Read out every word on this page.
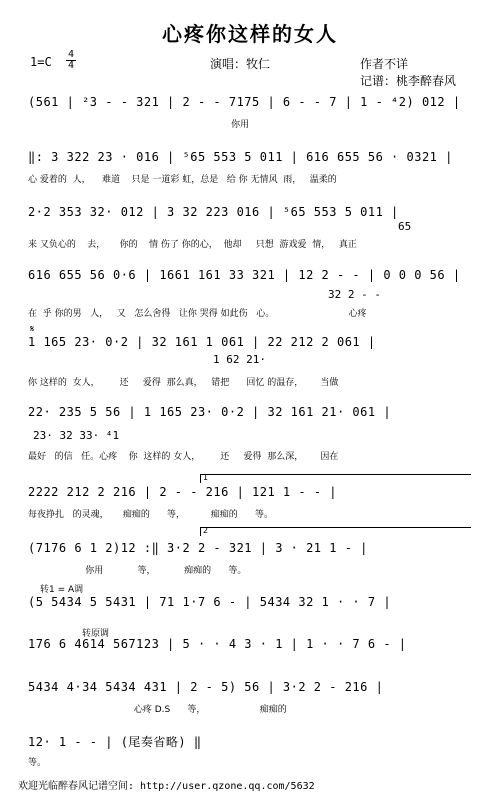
心疼你这样的女人
1=C
4
4	演唱：牧仁	作者不详
记谱：桃李醉春风

(561 | ²3 - - 321 | 2 - - 7175 | 6 - - 7 | 1 - ⁴2) 012 |

你用

‖: 3 322 23 · 016 | ⁵65 553 5 011 | 616 655 56 · 0321 |

心 爱着的  人，    难道    只是 一道彩 虹，总是   给 你 无情风  雨，   温柔的

2·2 353 32· 012 | 3 32 223 016 | ⁵65 553 5 011 |

65

来 又负心的    去，     你的    情 伤了 你的心，  他却     只想  游戏爱  情，   真正

616 655 56 0·6 | 1661 161 33 321 | 12 2 - - | 0 0 0 56 |

32 2 - -

在  乎 你的男   人，   又   怎么舍得   让你 哭得 如此伤   心。                          心疼

𝄋

1 165 23· 0·2 | 32 161 1 061 | 22 212 2 061 |

1 62 21·

你 这样的  女人，       还     爱得  那么真，   错把      回忆 的温存，      当做

22· 235 5 56 | 1 165 23· 0·2 | 32 161 21· 061 |

23· 32 33· ⁴1

最好   的信   任。心疼    你  这样的 女人，       还     爱得  那么深，      因在

1

2222 212 2 216 | 2 - - 216 | 121 1 - - |

每夜挣扎   的灵魂，     痴痴的      等，         痴痴的      等。

2

(7176 6 1 2)12 :‖ 3·2 2 - 321 | 3 · 21 1 - |

你用            等，          痴痴的      等。

转1 = A调

(5 5434 5 5431 | 71 1·7 6 - | 5434 32 1 · · 7 |

转原调

176 6 4614 567123 | 5 · · 4 3 · 1 | 1 · · 7 6 - |

5434 4·34 5434 431 | 2 - 5) 56 | 3·2 2 - 216 |

心疼 D.S      等，                   痴痴的

12· 1 - - | (尾奏省略) ‖

等。

欢迎光临醉春风记谱空间: http://user.qzone.qq.com/5632
